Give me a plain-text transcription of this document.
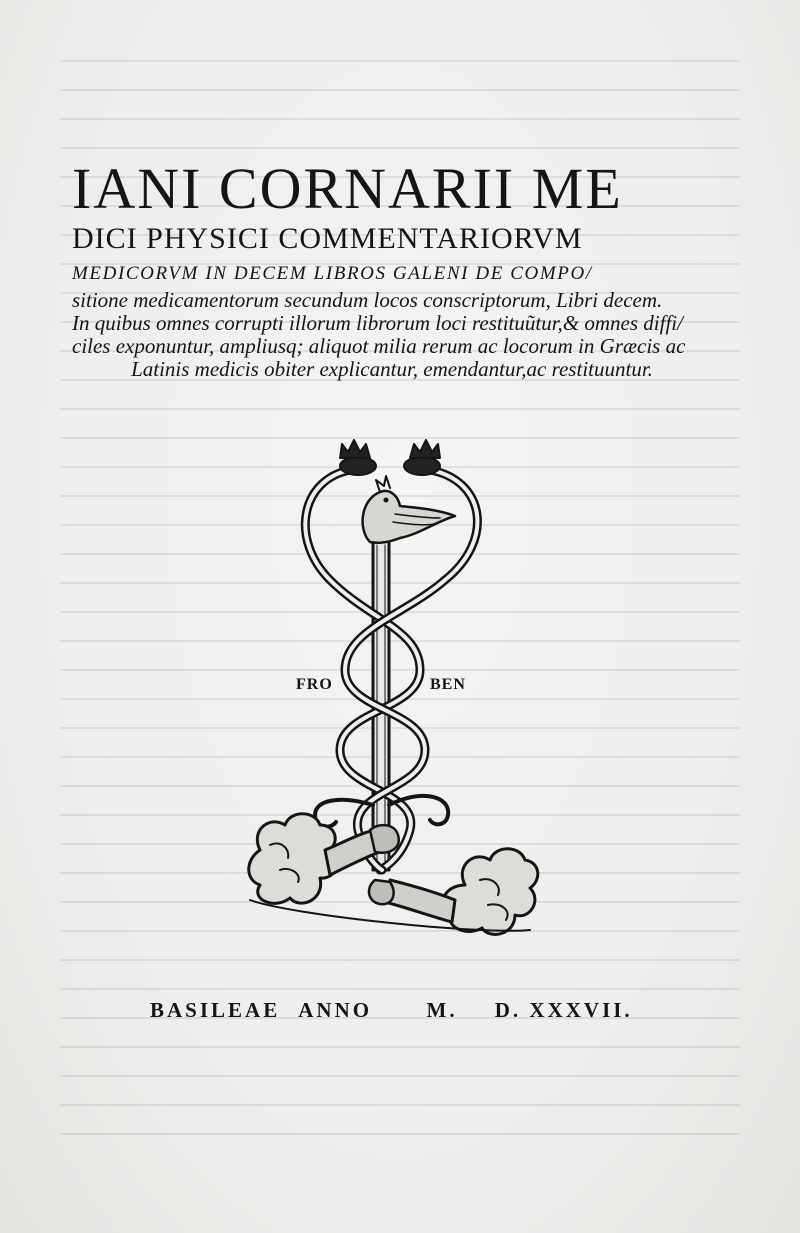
IANI CORNARII ME
DICI PHYSICI COMMENTARIORVM
MEDICORVM IN DECEM LIBROS GALENI DE COMPO/
sitione medicamentorum secundum locos conscriptorum, Libri decem.
In quibus omnes corrupti illorum librorum loci restituũtur,& omnes diffi/
ciles exponuntur, ampliusq; aliquot milia rerum ac locorum in Græcis ac
Latinis medicis obiter explicantur, emendantur,ac restituuntur.
FRO	BEN
BASILEAE ANNO	M. D. XXXVII.
